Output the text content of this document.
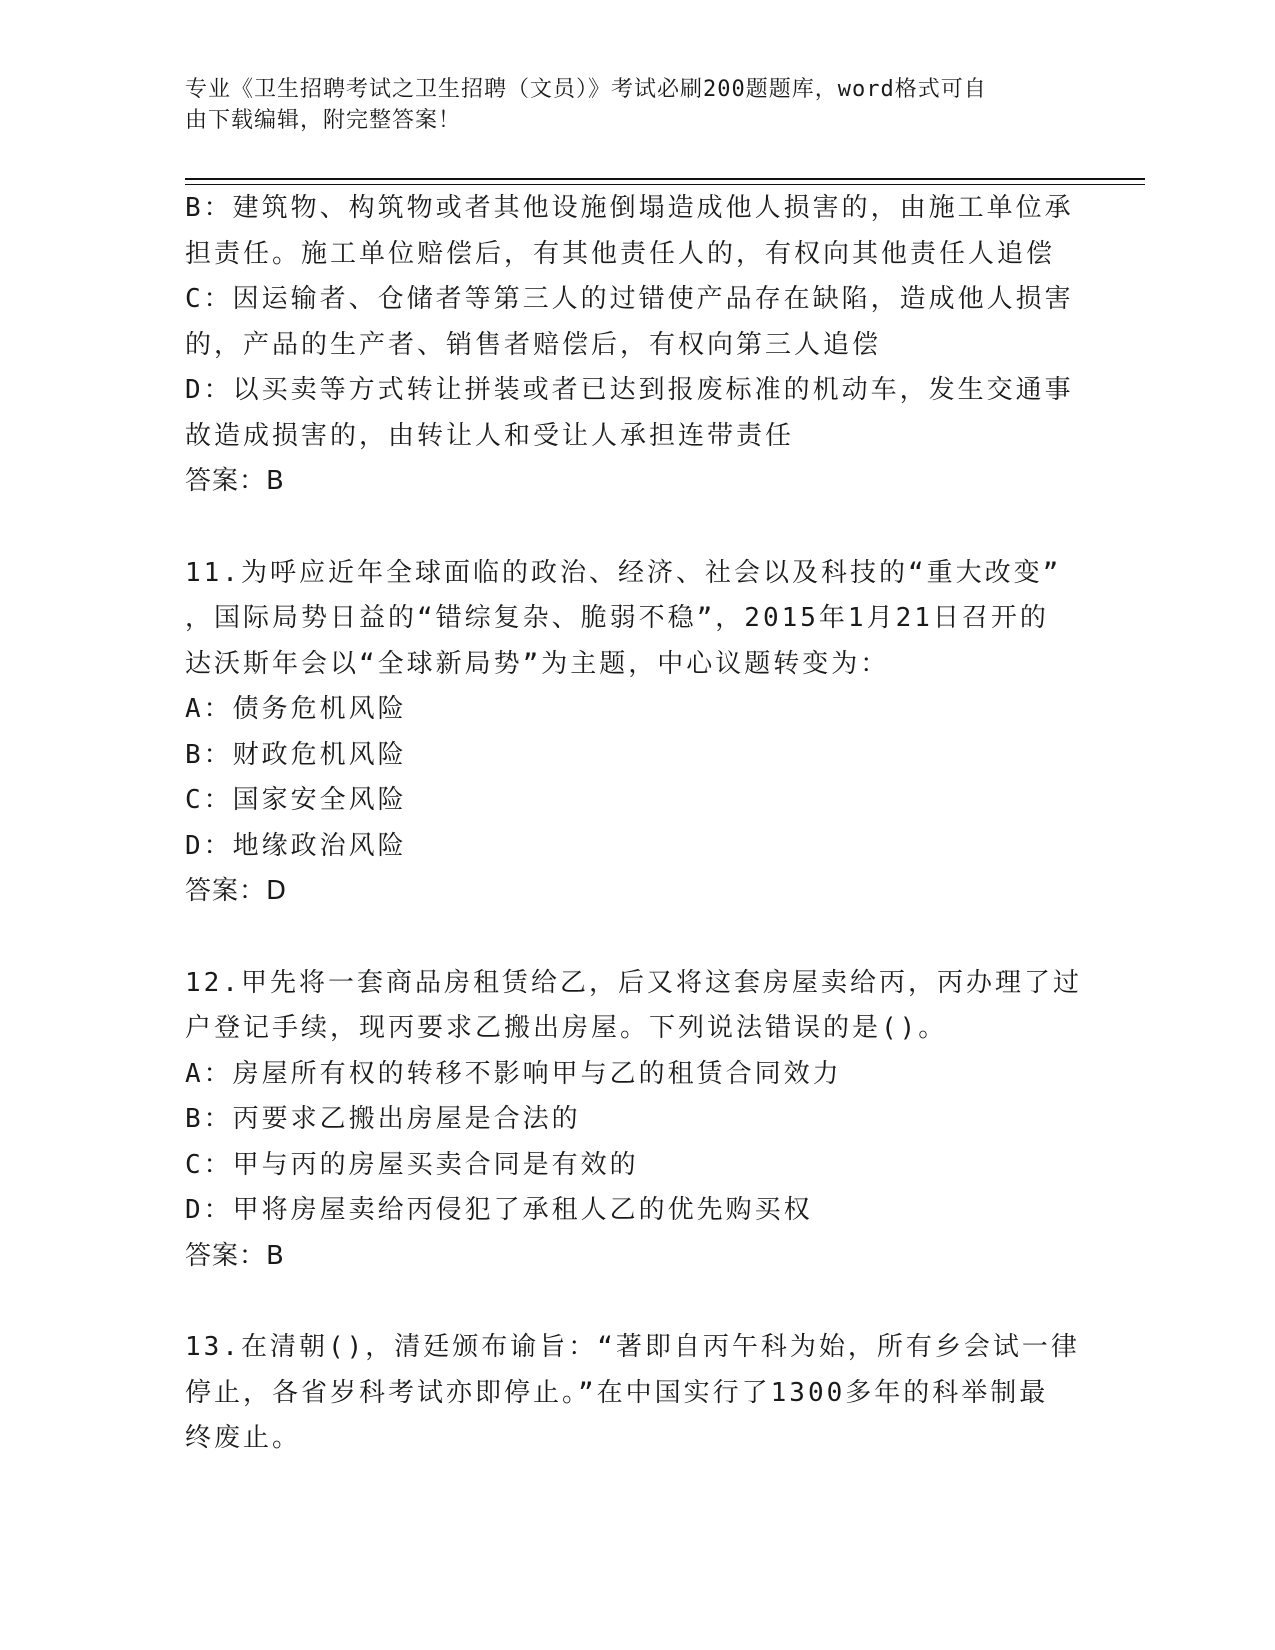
专业《卫生招聘考试之卫生招聘（文员）》考试必刷200题题库，word格式可自
由下载编辑，附完整答案！
B：建筑物、构筑物或者其他设施倒塌造成他人损害的，由施工单位承
担责任。施工单位赔偿后，有其他责任人的，有权向其他责任人追偿
C：因运输者、仓储者等第三人的过错使产品存在缺陷，造成他人损害
的，产品的生产者、销售者赔偿后，有权向第三人追偿
D：以买卖等方式转让拼装或者已达到报废标准的机动车，发生交通事
故造成损害的，由转让人和受让人承担连带责任
答案：B
11.为呼应近年全球面临的政治、经济、社会以及科技的“重大改变”
，国际局势日益的“错综复杂、脆弱不稳”，2015年1月21日召开的
达沃斯年会以“全球新局势”为主题，中心议题转变为：
A：债务危机风险
B：财政危机风险
C：国家安全风险
D：地缘政治风险
答案：D
12.甲先将一套商品房租赁给乙，后又将这套房屋卖给丙，丙办理了过
户登记手续，现丙要求乙搬出房屋。下列说法错误的是()。
A：房屋所有权的转移不影响甲与乙的租赁合同效力
B：丙要求乙搬出房屋是合法的
C：甲与丙的房屋买卖合同是有效的
D：甲将房屋卖给丙侵犯了承租人乙的优先购买权
答案：B
13.在清朝()，清廷颁布谕旨：“著即自丙午科为始，所有乡会试一律
停止，各省岁科考试亦即停止。”在中国实行了1300多年的科举制最
终废止。
